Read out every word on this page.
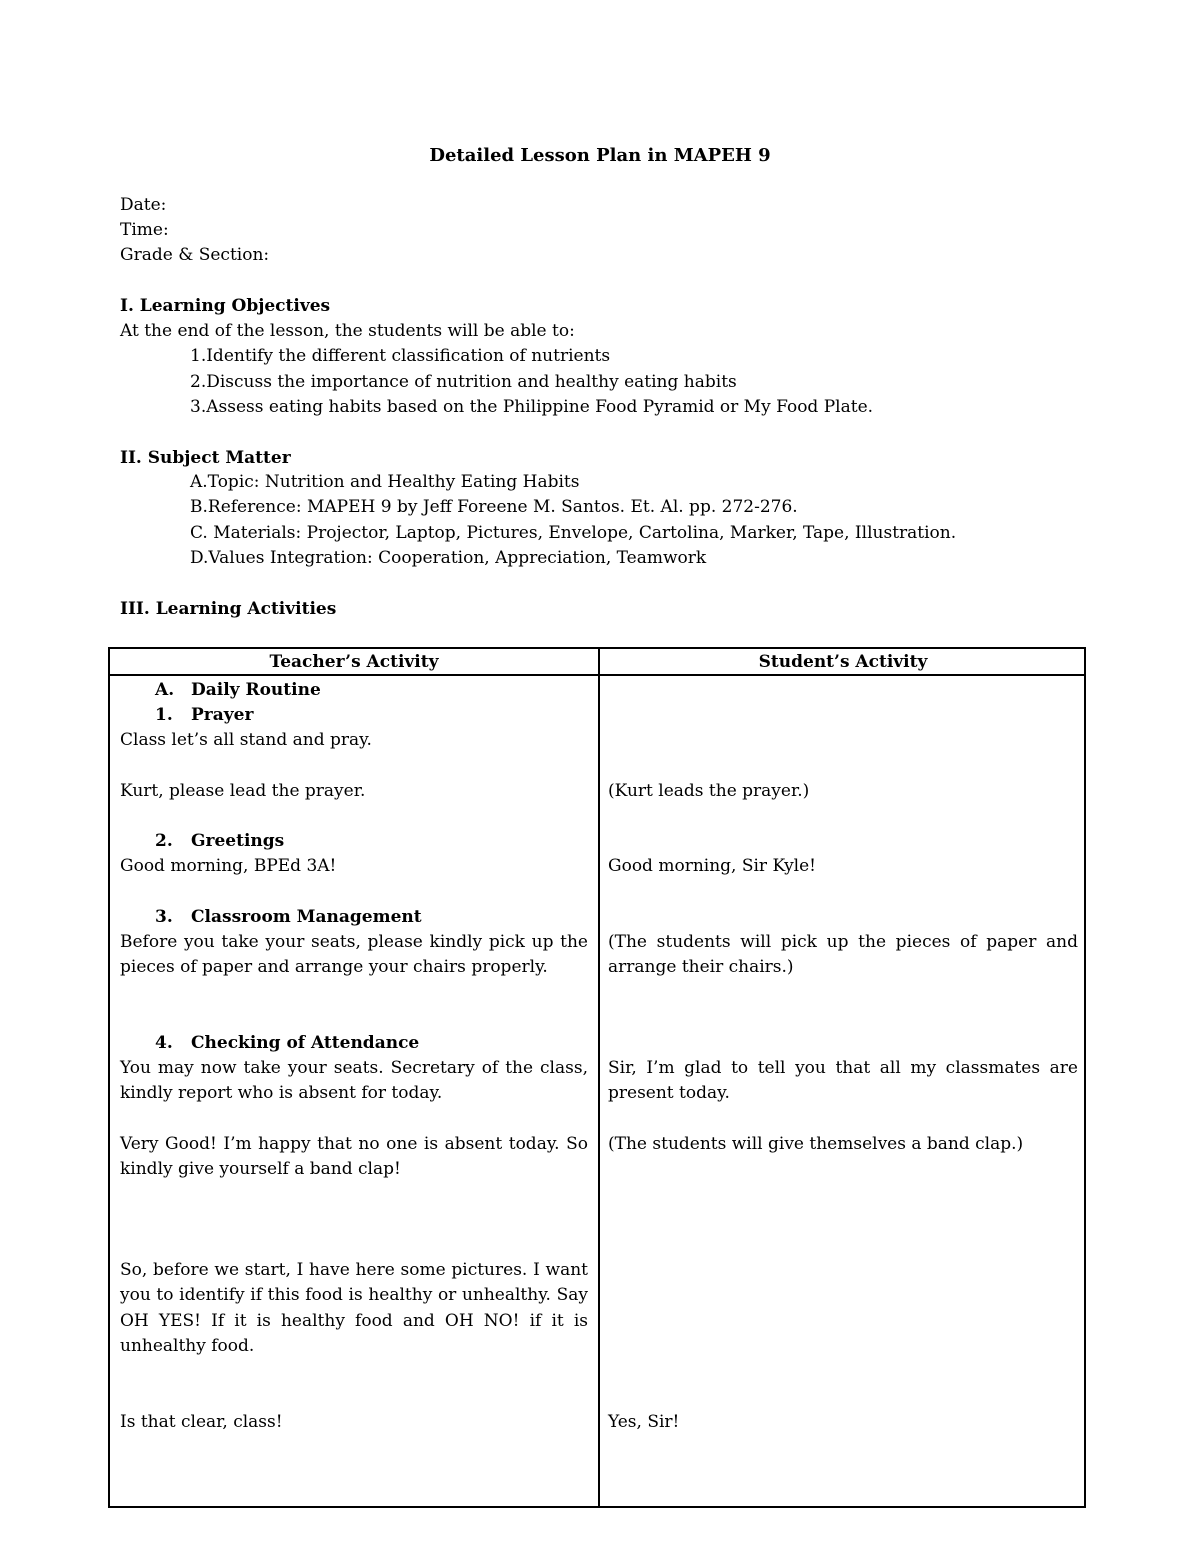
Detailed Lesson Plan in MAPEH 9
Date:
Time:
Grade & Section:
I. Learning Objectives
At the end of the lesson, the students will be able to:
1.Identify the different classification of nutrients
2.Discuss the importance of nutrition and healthy eating habits
3.Assess eating habits based on the Philippine Food Pyramid or My Food Plate.
II. Subject Matter
A.Topic: Nutrition and Healthy Eating Habits
B.Reference: MAPEH 9 by Jeff Foreene M. Santos. Et. Al. pp. 272-276.
C. Materials: Projector, Laptop, Pictures, Envelope, Cartolina, Marker, Tape, Illustration.
D.Values Integration: Cooperation, Appreciation, Teamwork
III. Learning Activities
Teacher’s Activity	Student’s Activity
A. Daily Routine
1. Prayer
Class let’s all stand and pray.
Kurt, please lead the prayer.
2. Greetings
Good morning, BPEd 3A!
3. Classroom Management
Before you take your seats, please kindly pick up the pieces of paper and arrange your chairs properly.
4. Checking of Attendance
You may now take your seats. Secretary of the class, kindly report who is absent for today.
Very Good! I’m happy that no one is absent today. So kindly give yourself a band clap!
So, before we start, I have here some pictures. I want you to identify if this food is healthy or unhealthy. Say OH YES! If it is healthy food and OH NO! if it is unhealthy food.
Is that clear, class!
(Kurt leads the prayer.)
Good morning, Sir Kyle!
(The students will pick up the pieces of paper and arrange their chairs.)
Sir, I’m glad to tell you that all my classmates are present today.
(The students will give themselves a band clap.)
Yes, Sir!
